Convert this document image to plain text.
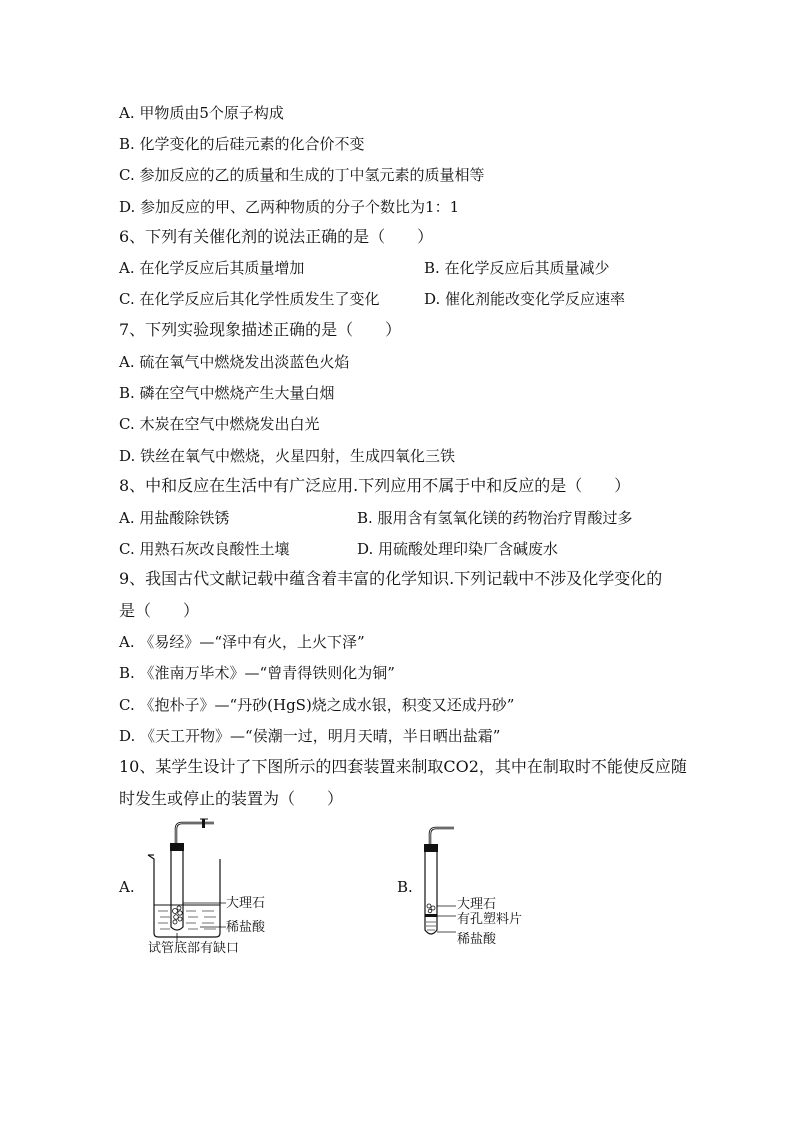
A. 甲物质由5个原子构成

B. 化学变化的后硅元素的化合价不变

C. 参加反应的乙的质量和生成的丁中氢元素的质量相等

D. 参加反应的甲、乙两种物质的分子个数比为1：1

6、下列有关催化剂的说法正确的是（　　）

A. 在化学反应后其质量增加	B. 在化学反应后其质量减少

C. 在化学反应后其化学性质发生了变化	D. 催化剂能改变化学反应速率

7、下列实验现象描述正确的是（　　）

A. 硫在氧气中燃烧发出淡蓝色火焰

B. 磷在空气中燃烧产生大量白烟

C. 木炭在空气中燃烧发出白光

D. 铁丝在氧气中燃烧，火星四射，生成四氧化三铁

8、中和反应在生活中有广泛应用.下列应用不属于中和反应的是（　　）

A. 用盐酸除铁锈	B. 服用含有氢氧化镁的药物治疗胃酸过多

C. 用熟石灰改良酸性土壤	D. 用硫酸处理印染厂含碱废水

9、我国古代文献记载中蕴含着丰富的化学知识.下列记载中不涉及化学变化的

是（　　）

A. 《易经》—“泽中有火，上火下泽”

B. 《淮南万毕术》—“曾青得铁则化为铜”

C. 《抱朴子》—“丹砂(HgS)烧之成水银，积变又还成丹砂”

D. 《天工开物》—“侯潮一过，明月天晴，半日晒出盐霜”

10、某学生设计了下图所示的四套装置来制取CO2，其中在制取时不能使反应随

时发生或停止的装置为（　　）

A.
大理石
稀盐酸
试管底部有缺口
B.
大理石
有孔塑料片
稀盐酸
